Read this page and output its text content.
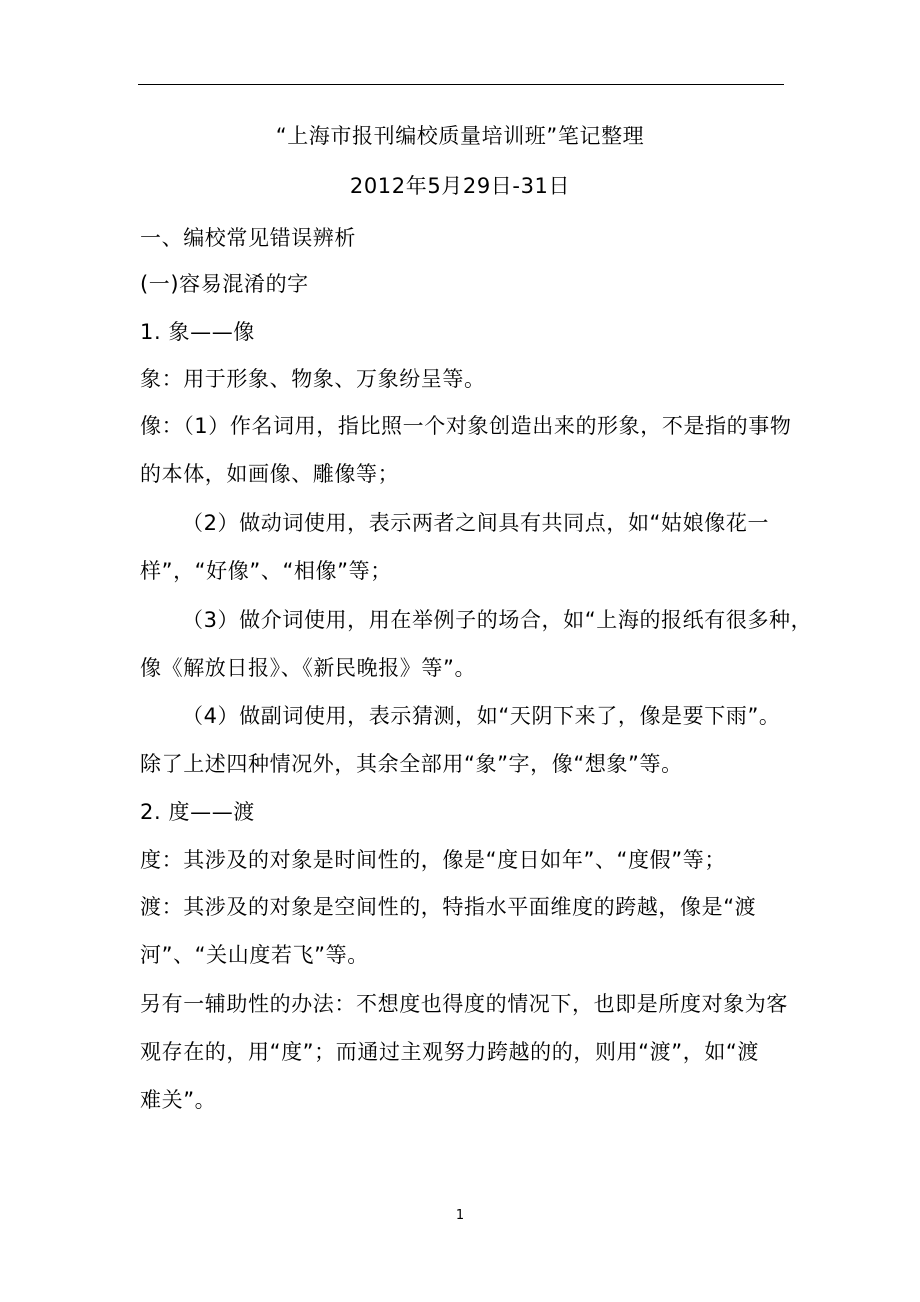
“上海市报刊编校质量培训班”笔记整理
2012年5月29日-31日
一、编校常见错误辨析
(一)容易混淆的字
1. 象——像
象：用于形象、物象、万象纷呈等。
像：（1）作名词用，指比照一个对象创造出来的形象，不是指的事物
的本体，如画像、雕像等；
（2）做动词使用，表示两者之间具有共同点，如“姑娘像花一
样”，“好像”、“相像”等；
（3）做介词使用，用在举例子的场合，如“上海的报纸有很多种，
像《解放日报》、《新民晚报》等”。
（4）做副词使用，表示猜测，如“天阴下来了，像是要下雨”。
除了上述四种情况外，其余全部用“象”字，像“想象”等。
2. 度——渡
度：其涉及的对象是时间性的，像是“度日如年”、“度假”等；
渡：其涉及的对象是空间性的，特指水平面维度的跨越，像是“渡
河”、“关山度若飞”等。
另有一辅助性的办法：不想度也得度的情况下，也即是所度对象为客
观存在的，用“度”；而通过主观努力跨越的的，则用“渡”，如“渡
难关”。
1
